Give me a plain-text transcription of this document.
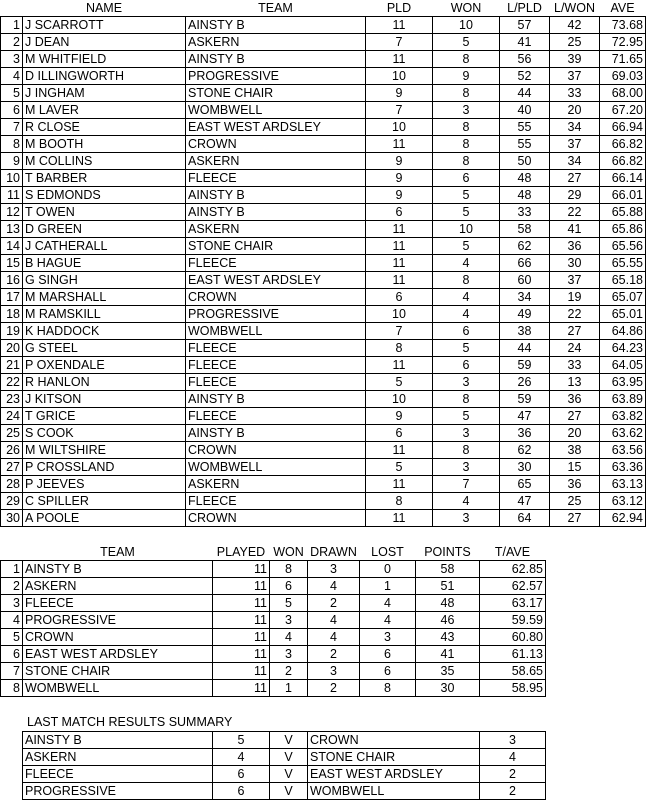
	NAME	TEAM	PLD	WON	L/PLD	L/WON	AVE
1	J SCARROTT	AINSTY B	11	10	57	42	73.68
2	J DEAN	ASKERN	7	5	41	25	72.95
3	M WHITFIELD	AINSTY B	11	8	56	39	71.65
4	D ILLINGWORTH	PROGRESSIVE	10	9	52	37	69.03
5	J INGHAM	STONE CHAIR	9	8	44	33	68.00
6	M LAVER	WOMBWELL	7	3	40	20	67.20
7	R CLOSE	EAST WEST ARDSLEY	10	8	55	34	66.94
8	M BOOTH	CROWN	11	8	55	37	66.82
9	M COLLINS	ASKERN	9	8	50	34	66.82
10	T BARBER	FLEECE	9	6	48	27	66.14
11	S EDMONDS	AINSTY B	9	5	48	29	66.01
12	T OWEN	AINSTY B	6	5	33	22	65.88
13	D GREEN	ASKERN	11	10	58	41	65.86
14	J CATHERALL	STONE CHAIR	11	5	62	36	65.56
15	B HAGUE	FLEECE	11	4	66	30	65.55
16	G SINGH	EAST WEST ARDSLEY	11	8	60	37	65.18
17	M MARSHALL	CROWN	6	4	34	19	65.07
18	M RAMSKILL	PROGRESSIVE	10	4	49	22	65.01
19	K HADDOCK	WOMBWELL	7	6	38	27	64.86
20	G STEEL	FLEECE	8	5	44	24	64.23
21	P OXENDALE	FLEECE	11	6	59	33	64.05
22	R HANLON	FLEECE	5	3	26	13	63.95
23	J KITSON	AINSTY B	10	8	59	36	63.89
24	T GRICE	FLEECE	9	5	47	27	63.82
25	S COOK	AINSTY B	6	3	36	20	63.62
26	M WILTSHIRE	CROWN	11	8	62	38	63.56
27	P CROSSLAND	WOMBWELL	5	3	30	15	63.36
28	P JEEVES	ASKERN	11	7	65	36	63.13
29	C SPILLER	FLEECE	8	4	47	25	63.12
30	A POOLE	CROWN	11	3	64	27	62.94
	TEAM	PLAYED	WON	DRAWN	LOST	POINTS	T/AVE
1	AINSTY B	11	8	3	0	58	62.85
2	ASKERN	11	6	4	1	51	62.57
3	FLEECE	11	5	2	4	48	63.17
4	PROGRESSIVE	11	3	4	4	46	59.59
5	CROWN	11	4	4	3	43	60.80
6	EAST WEST ARDSLEY	11	3	2	6	41	61.13
7	STONE CHAIR	11	2	3	6	35	58.65
8	WOMBWELL	11	1	2	8	30	58.95
LAST MATCH RESULTS SUMMARY
AINSTY B	5	V	CROWN	3
ASKERN	4	V	STONE CHAIR	4
FLEECE	6	V	EAST WEST ARDSLEY	2
PROGRESSIVE	6	V	WOMBWELL	2
